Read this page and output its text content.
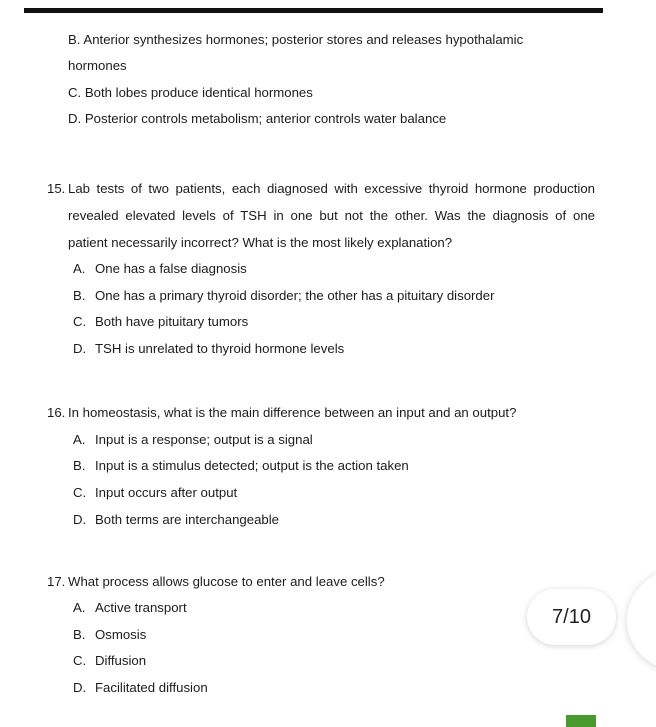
B. Anterior synthesizes hormones; posterior stores and releases hypothalamic
hormones
C. Both lobes produce identical hormones
D. Posterior controls metabolism; anterior controls water balance
15. Lab tests of two patients, each diagnosed with excessive thyroid hormone production
revealed elevated levels of TSH in one but not the other. Was the diagnosis of one
patient necessarily incorrect? What is the most likely explanation?
A. One has a false diagnosis
B. One has a primary thyroid disorder; the other has a pituitary disorder
C. Both have pituitary tumors
D. TSH is unrelated to thyroid hormone levels
16. In homeostasis, what is the main difference between an input and an output?
A. Input is a response; output is a signal
B. Input is a stimulus detected; output is the action taken
C. Input occurs after output
D. Both terms are interchangeable
17. What process allows glucose to enter and leave cells?
A. Active transport
B. Osmosis
C. Diffusion
D. Facilitated diffusion
7/10
